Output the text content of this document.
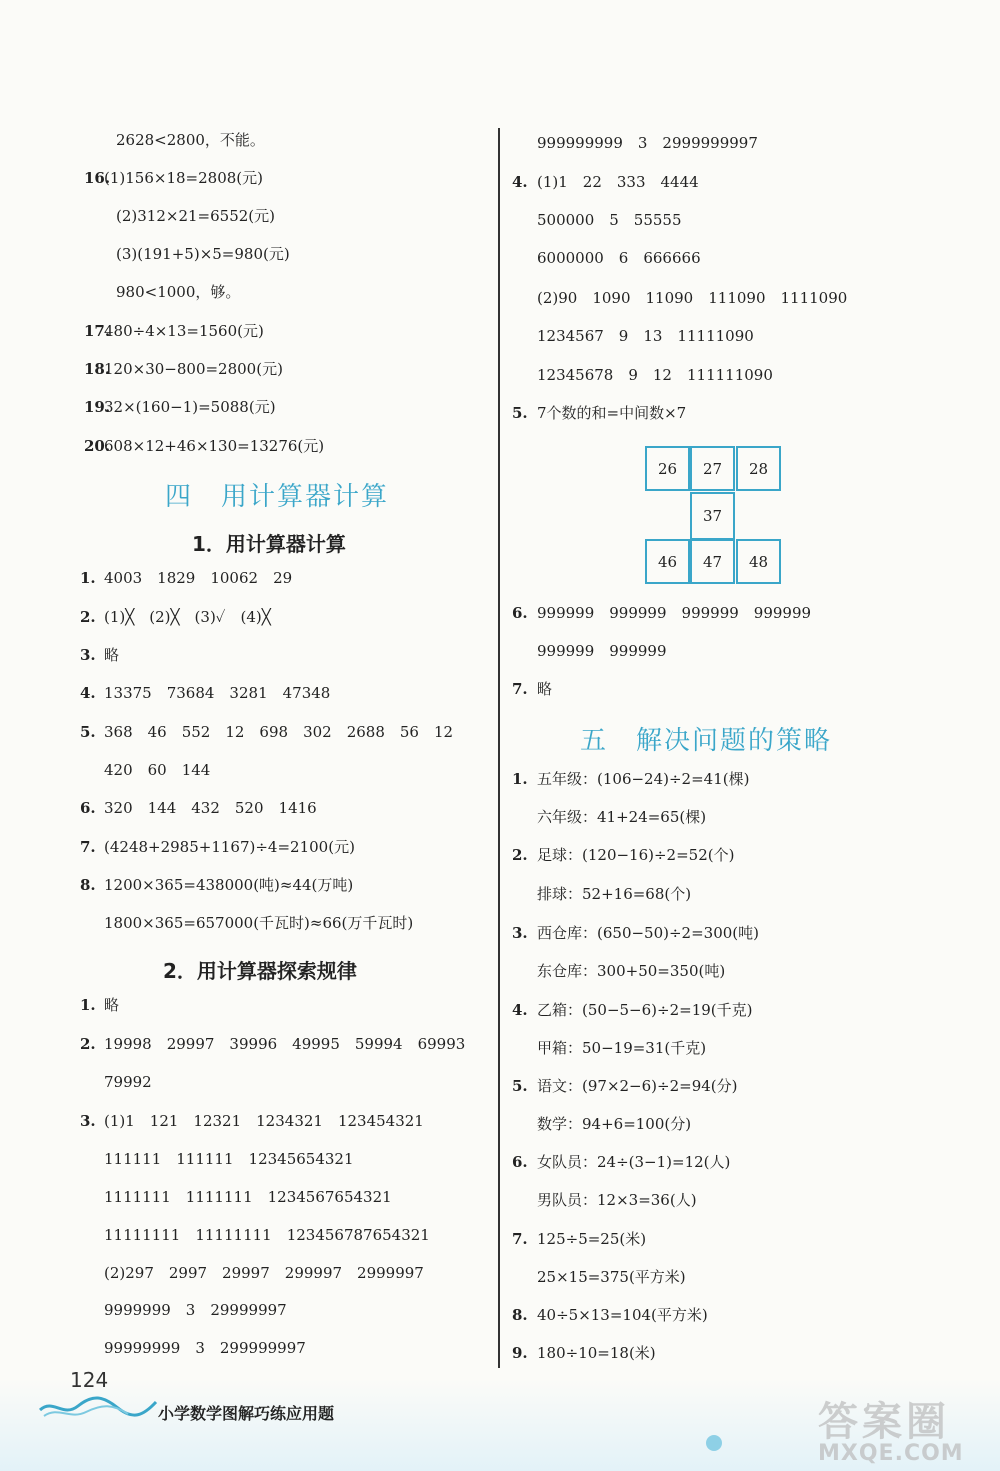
四　用计算器计算
1．用计算器计算
2．用计算器探索规律
五　解决问题的策略
26	27	28
37
46	47	48
124
小学数学图解巧练应用题	答案圈
MXQE.COM
2628<2800，不能。
16.
(1)156×18=2808(元)
(2)312×21=6552(元)
(3)(191+5)×5=980(元)
980<1000，够。
17.
480÷4×13=1560(元)
18.
120×30−800=2800(元)
19.
32×(160−1)=5088(元)
20.
608×12+46×130=13276(元)
1. 4003　1829　10062　29
2. (1)╳　(2)╳　(3)✓　(4)╳
3. 略
4. 13375　73684　3281　47348
5. 368　46　552　12　698　302　2688　56　12
420　60　144
6. 320　144　432　520　1416
7. (4248+2985+1167)÷4=2100(元)
8. 1200×365=438000(吨)≈44(万吨)
1800×365=657000(千瓦时)≈66(万千瓦时)
1. 略
2. 19998　29997　39996　49995　59994　69993
79992
3. (1)1　121　12321　1234321　123454321
111111　111111　12345654321
1111111　1111111　1234567654321
11111111　11111111　123456787654321
(2)297　2997　29997　299997　2999997
9999999　3　29999997
99999999　3　299999997
999999999　3　2999999997
4. (1)1　22　333　4444
500000　5　55555
6000000　6　666666
(2)90　1090　11090　111090　1111090
1234567　9　13　11111090
12345678　9　12　111111090
5. 7个数的和=中间数×7
6. 999999　999999　999999　999999
999999　999999
7. 略
1. 五年级：(106−24)÷2=41(棵)
六年级：41+24=65(棵)
2. 足球：(120−16)÷2=52(个)
排球：52+16=68(个)
3. 西仓库：(650−50)÷2=300(吨)
东仓库：300+50=350(吨)
4. 乙箱：(50−5−6)÷2=19(千克)
甲箱：50−19=31(千克)
5. 语文：(97×2−6)÷2=94(分)
数学：94+6=100(分)
6. 女队员：24÷(3−1)=12(人)
男队员：12×3=36(人)
7. 125÷5=25(米)
25×15=375(平方米)
8. 40÷5×13=104(平方米)
9. 180÷10=18(米)
